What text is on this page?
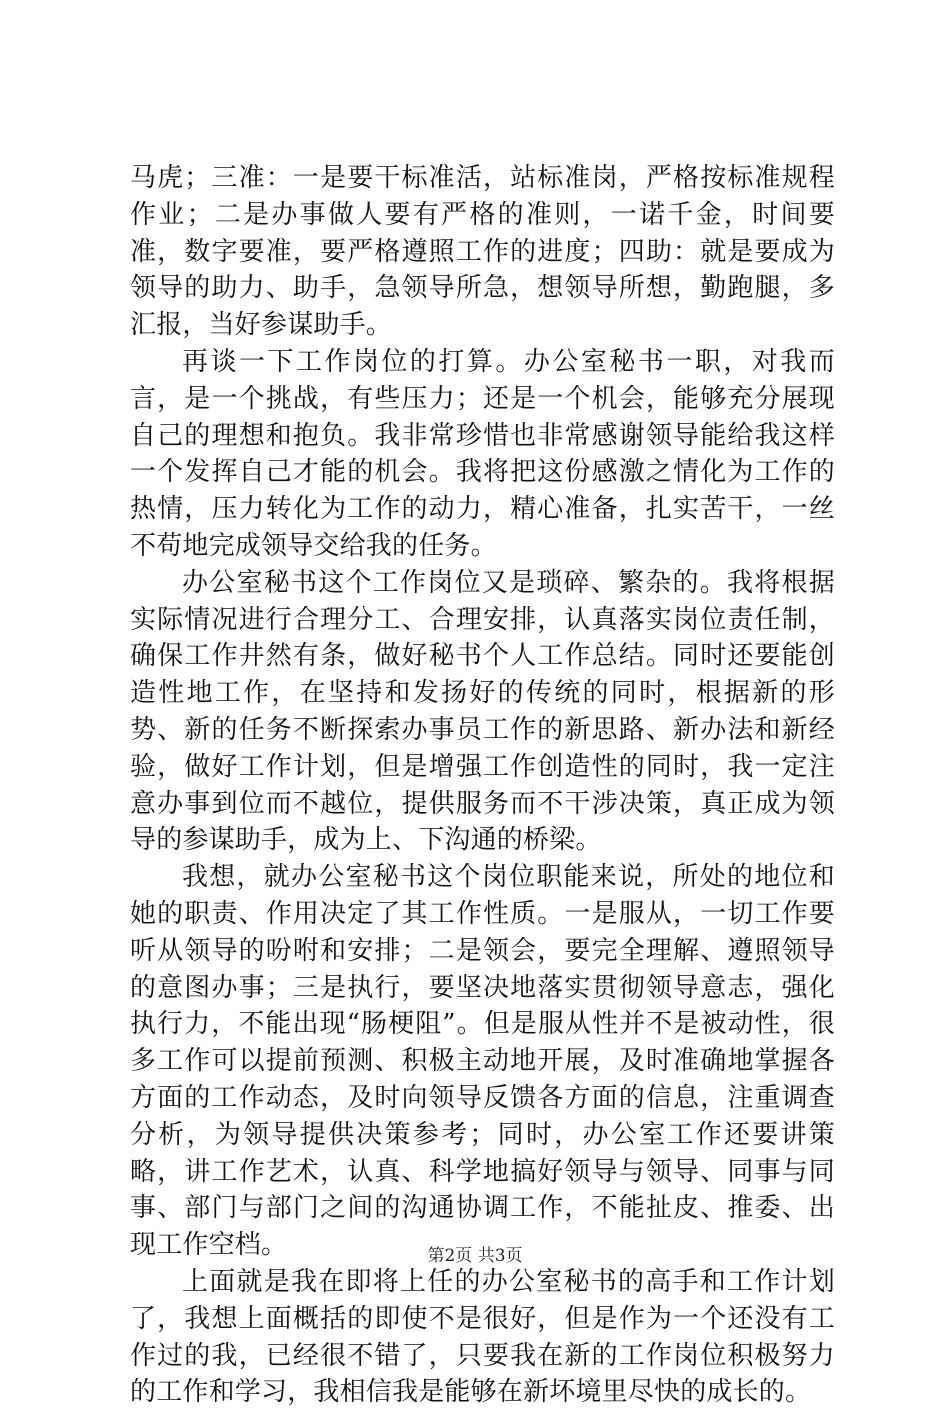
马虎；三准：一是要干标准活，站标准岗，严格按标准规程作业；二是办事做人要有严格的准则，一诺千金，时间要准，数字要准，要严格遵照工作的进度；四助：就是要成为领导的助力、助手，急领导所急，想领导所想，勤跑腿，多汇报，当好参谋助手。

再谈一下工作岗位的打算。办公室秘书一职，对我而言，是一个挑战，有些压力；还是一个机会，能够充分展现自己的理想和抱负。我非常珍惜也非常感谢领导能给我这样一个发挥自己才能的机会。我将把这份感激之情化为工作的热情，压力转化为工作的动力，精心准备，扎实苦干，一丝不苟地完成领导交给我的任务。

办公室秘书这个工作岗位又是琐碎、繁杂的。我将根据实际情况进行合理分工、合理安排，认真落实岗位责任制，确保工作井然有条，做好秘书个人工作总结。同时还要能创造性地工作，在坚持和发扬好的传统的同时，根据新的形势、新的任务不断探索办事员工作的新思路、新办法和新经验，做好工作计划，但是增强工作创造性的同时，我一定注意办事到位而不越位，提供服务而不干涉决策，真正成为领导的参谋助手，成为上、下沟通的桥梁。

我想，就办公室秘书这个岗位职能来说，所处的地位和她的职责、作用决定了其工作性质。一是服从，一切工作要听从领导的吩咐和安排；二是领会，要完全理解、遵照领导的意图办事；三是执行，要坚决地落实贯彻领导意志，强化执行力，不能出现“肠梗阻”。但是服从性并不是被动性，很多工作可以提前预测、积极主动地开展，及时准确地掌握各方面的工作动态，及时向领导反馈各方面的信息，注重调查分析，为领导提供决策参考；同时，办公室工作还要讲策略，讲工作艺术，认真、科学地搞好领导与领导、同事与同事、部门与部门之间的沟通协调工作，不能扯皮、推委、出现工作空档。

上面就是我在即将上任的办公室秘书的高手和工作计划了，我想上面概括的即使不是很好，但是作为一个还没有工作过的我，已经很不错了，只要我在新的工作岗位积极努力的工作和学习，我相信我是能够在新坏境里尽快的成长的。

第2页 共3页
